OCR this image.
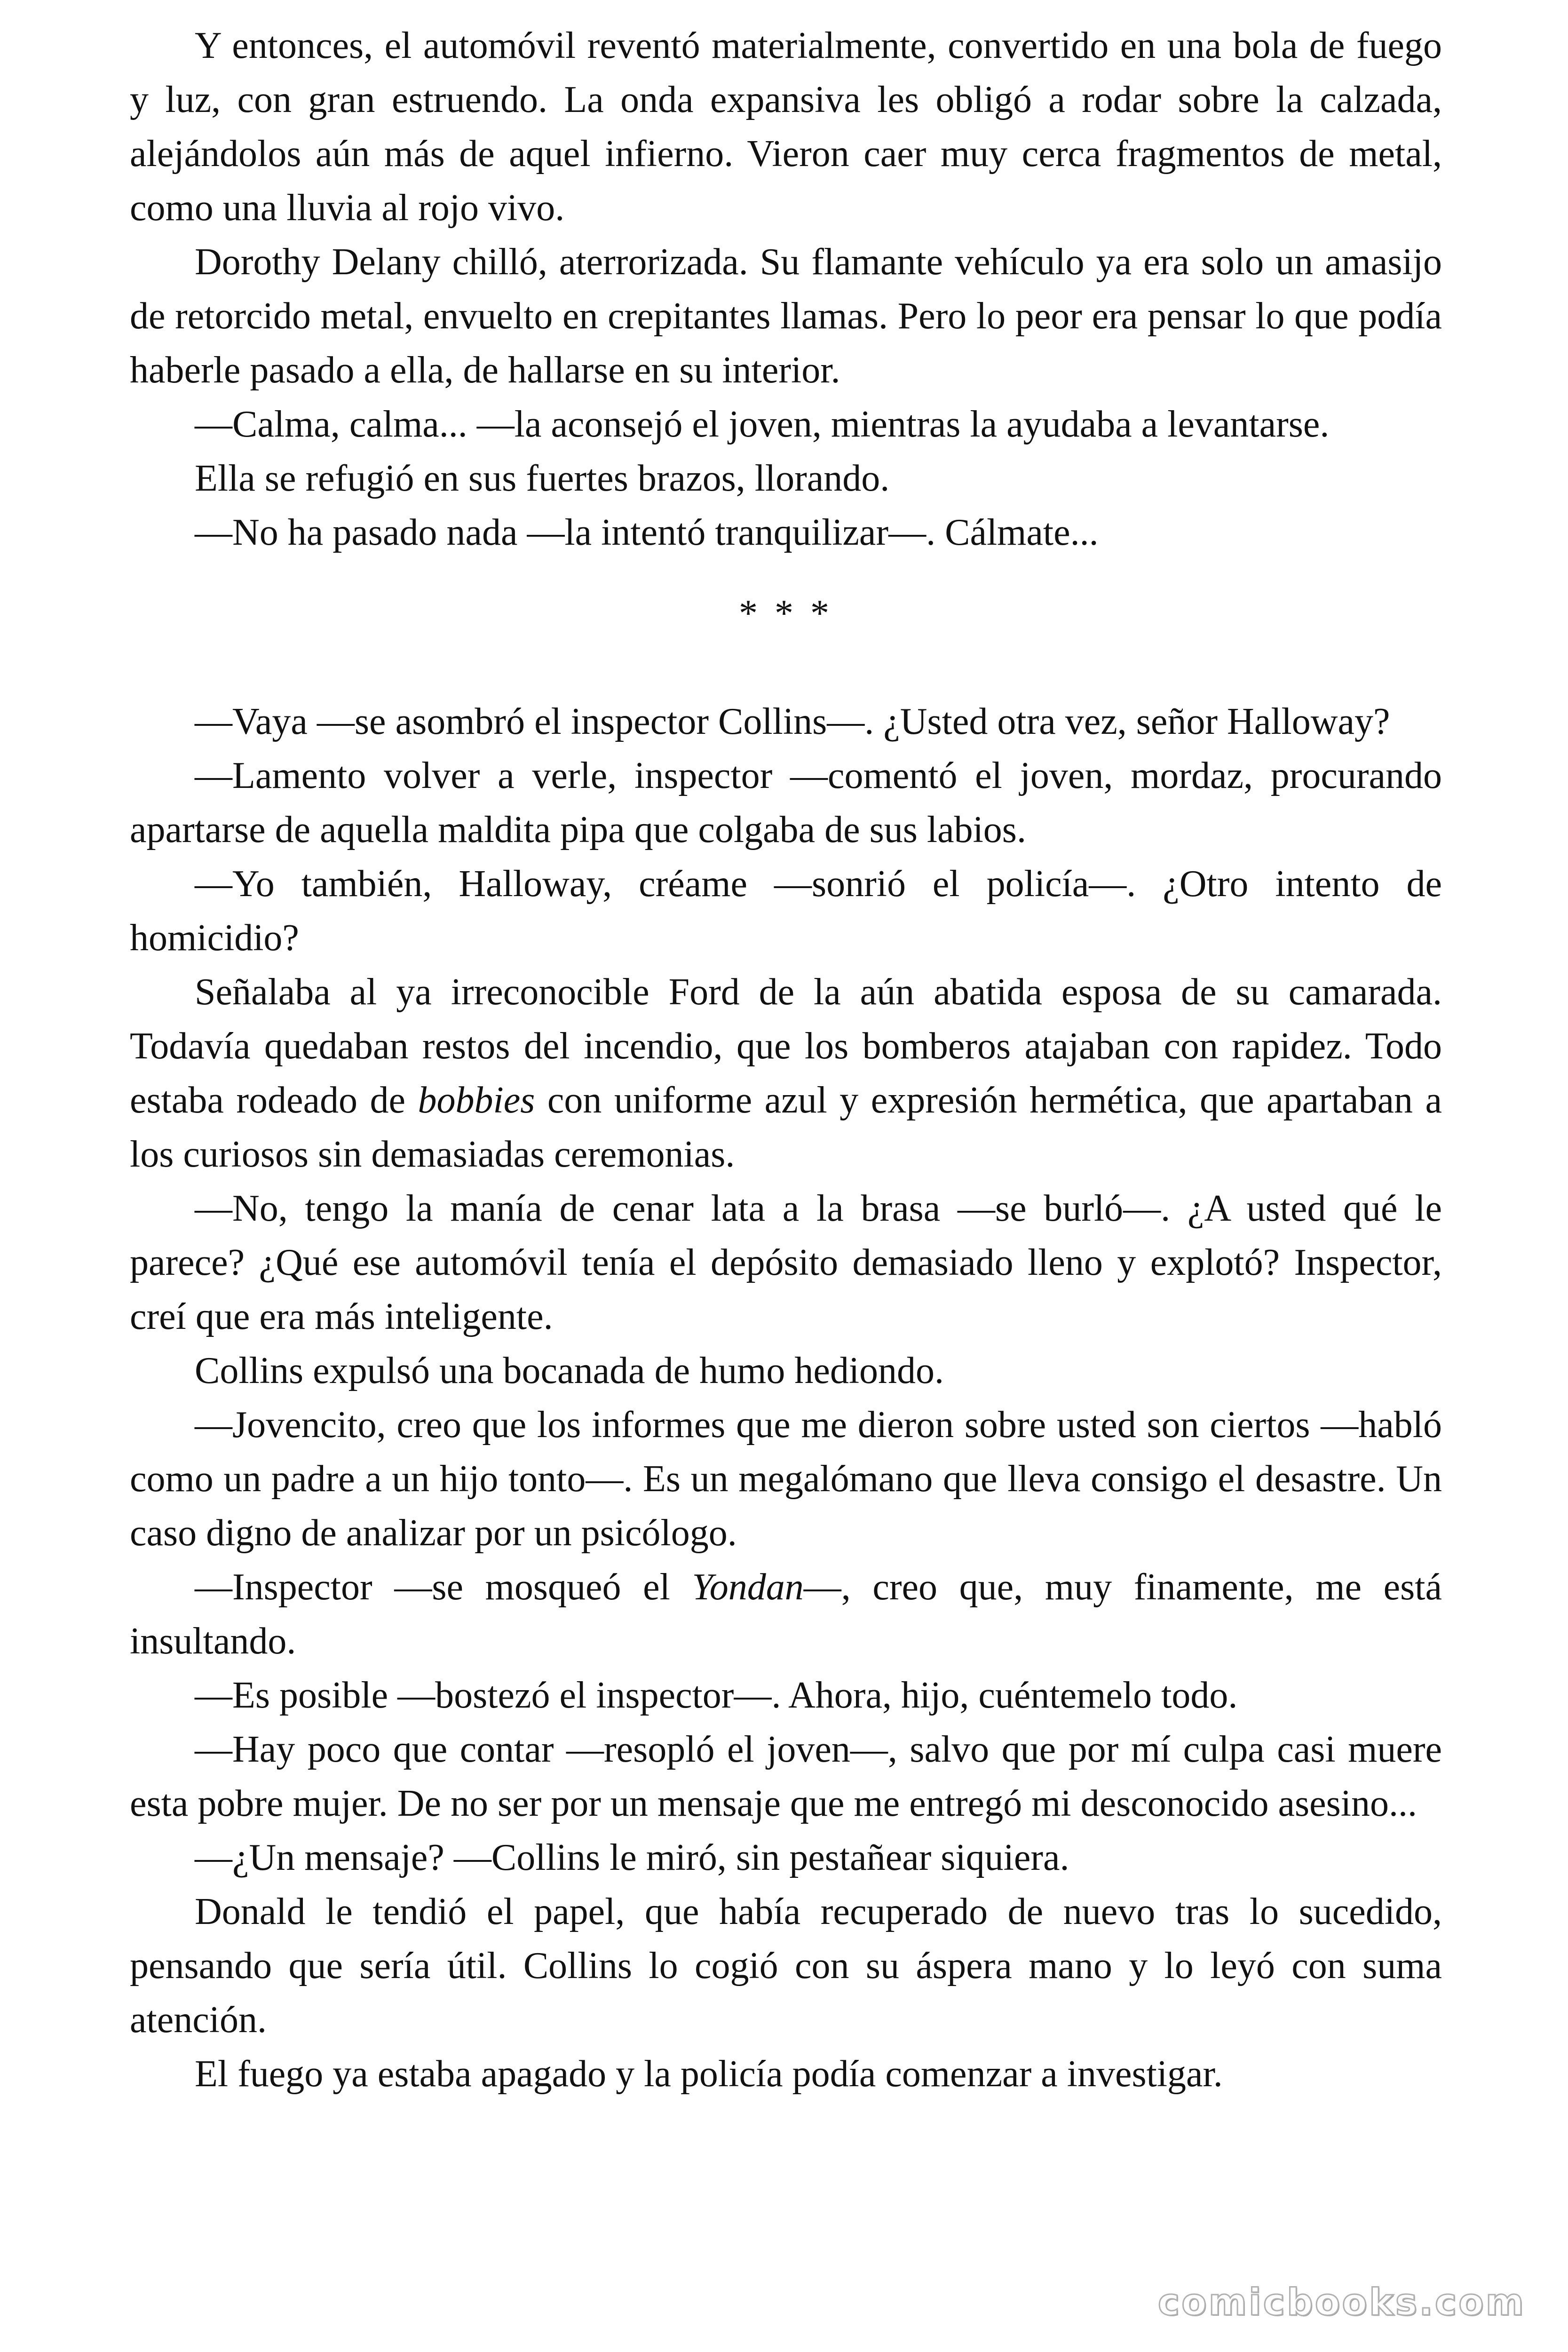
Y entonces, el automóvil reventó materialmente, convertido en una bola de fuego y luz, con gran estruendo. La onda expansiva les obligó a rodar sobre la calzada, alejándolos aún más de aquel infierno. Vieron caer muy cerca fragmentos de metal, como una lluvia al rojo vivo.

Dorothy Delany chilló, aterrorizada. Su flamante vehículo ya era solo un amasijo de retorcido metal, envuelto en crepitantes llamas. Pero lo peor era pensar lo que podía haberle pasado a ella, de hallarse en su interior.

—Calma, calma... —la aconsejó el joven, mientras la ayudaba a levantarse.

Ella se refugió en sus fuertes brazos, llorando.

—No ha pasado nada —la intentó tranquilizar—. Cálmate...

* * *

—Vaya —se asombró el inspector Collins—. ¿Usted otra vez, señor Halloway?

—Lamento volver a verle, inspector —comentó el joven, mordaz, procurando apartarse de aquella maldita pipa que colgaba de sus labios.

—Yo también, Halloway, créame —sonrió el policía—. ¿Otro intento de homicidio?

Señalaba al ya irreconocible Ford de la aún abatida esposa de su camarada. Todavía quedaban restos del incendio, que los bomberos atajaban con rapidez. Todo estaba rodeado de bobbies con uniforme azul y expresión hermética, que apartaban a los curiosos sin demasiadas ceremonias.

—No, tengo la manía de cenar lata a la brasa —se burló—. ¿A usted qué le parece? ¿Qué ese automóvil tenía el depósito demasiado lleno y explotó? Inspector, creí que era más inteligente.

Collins expulsó una bocanada de humo hediondo.

—Jovencito, creo que los informes que me dieron sobre usted son ciertos —habló como un padre a un hijo tonto—. Es un megalómano que lleva consigo el desastre. Un caso digno de analizar por un psicólogo.

—Inspector —se mosqueó el Yondan—, creo que, muy finamente, me está insultando.

—Es posible —bostezó el inspector—. Ahora, hijo, cuéntemelo todo.

—Hay poco que contar —resopló el joven—, salvo que por mí culpa casi muere esta pobre mujer. De no ser por un mensaje que me entregó mi desconocido asesino...

—¿Un mensaje? —Collins le miró, sin pestañear siquiera.

Donald le tendió el papel, que había recuperado de nuevo tras lo sucedido, pensando que sería útil. Collins lo cogió con su áspera mano y lo leyó con suma atención.

El fuego ya estaba apagado y la policía podía comenzar a investigar.

comicbooks.com
